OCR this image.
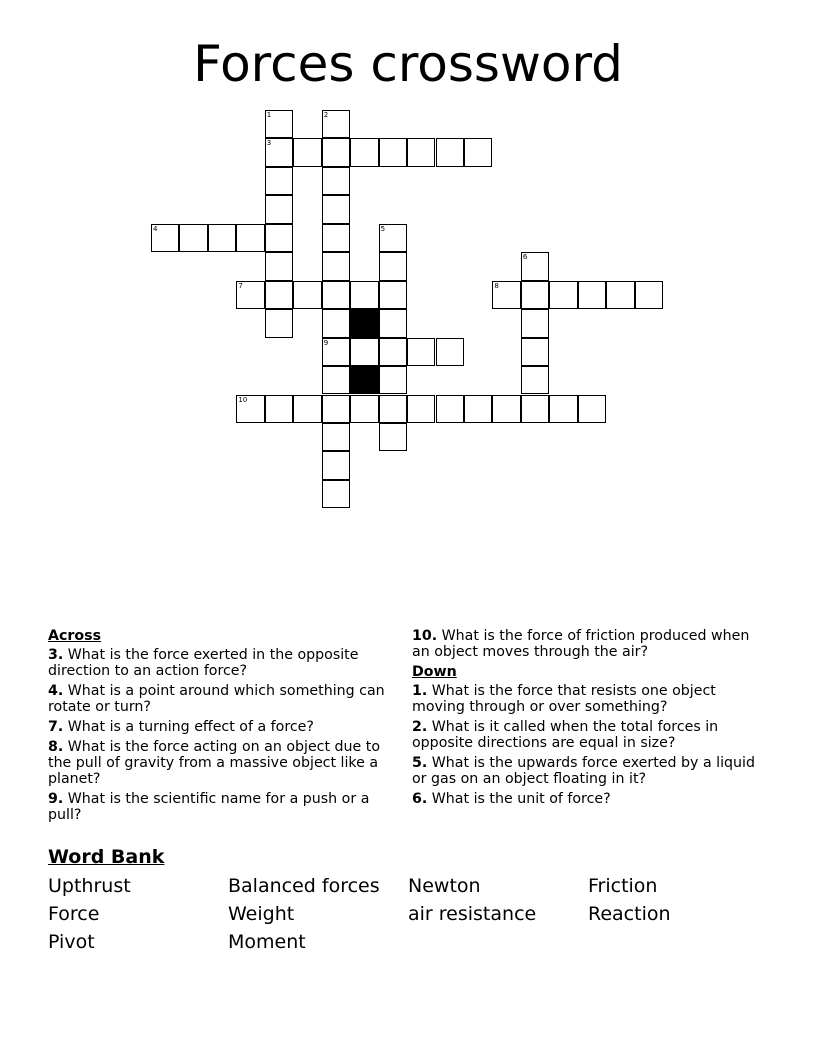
Forces crossword
1	2
3
4	5
6
7	8
9
10
Across
3. What is the force exerted in the opposite direction to an action force?
4. What is a point around which something can rotate or turn?
7. What is a turning effect of a force?
8. What is the force acting on an object due to the pull of gravity from a massive object like a planet?
9. What is the scientific name for a push or a pull?
10. What is the force of friction produced when an object moves through the air?
Down
1. What is the force that resists one object moving through or over something?
2. What is it called when the total forces in opposite directions are equal in size?
5. What is the upwards force exerted by a liquid or gas on an object floating in it?
6. What is the unit of force?
Word Bank
Upthrust	Balanced forces	Newton	Friction
Force	Weight	air resistance	Reaction
Pivot	Moment
